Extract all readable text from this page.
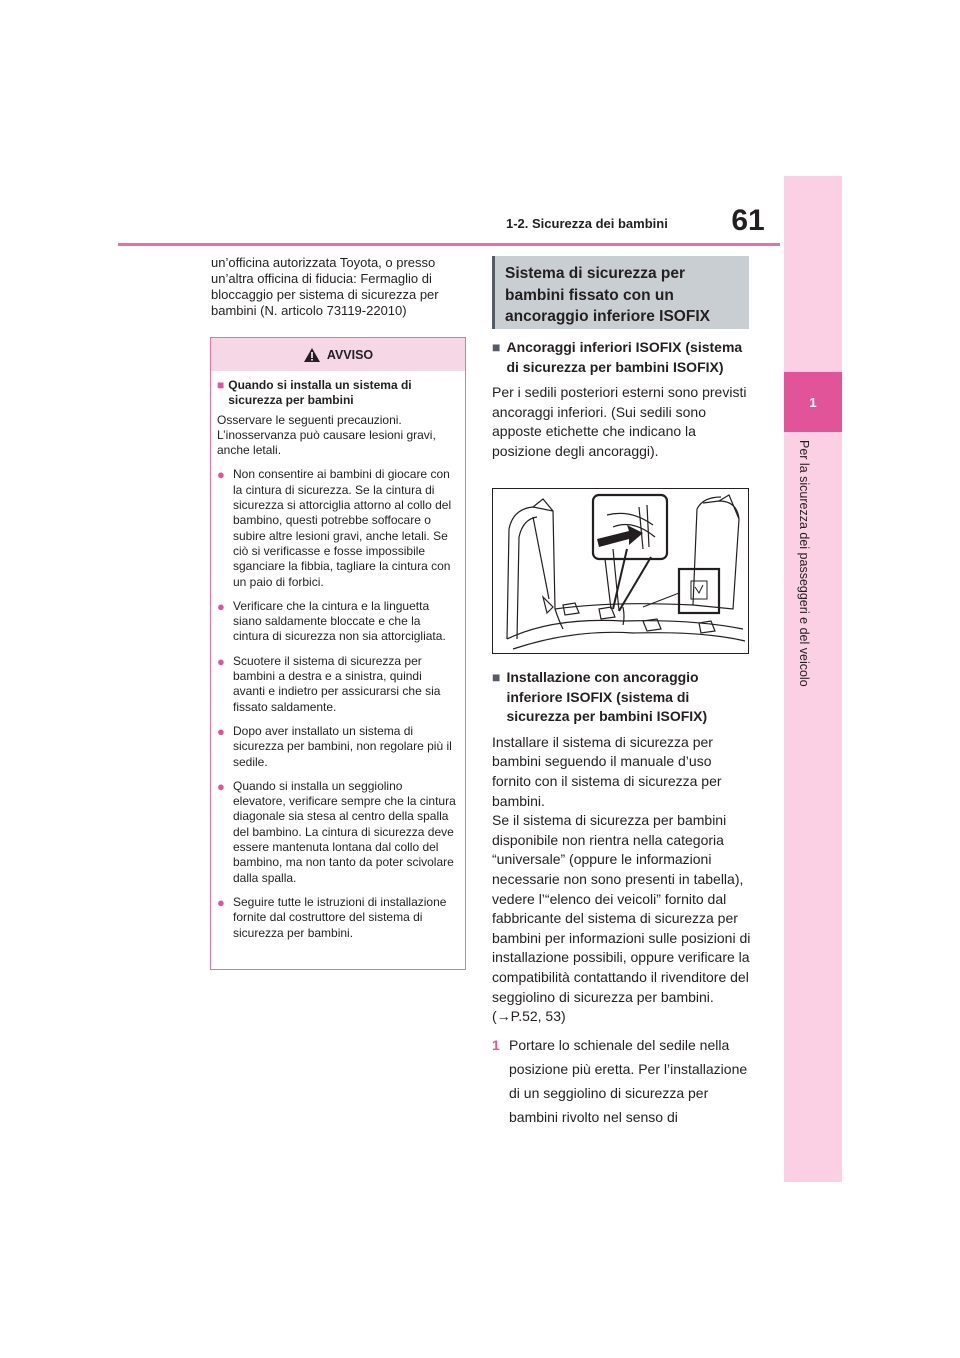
61
1-2. Sicurezza dei bambini
1
Per la sicurezza dei passeggeri e del veicolo
un’officina autorizzata Toyota, o presso un’altra officina di fiducia: Fermaglio di bloccaggio per sistema di sicurezza per bambini (N. articolo 73119-22010)
AVVISO
■ Quando si installa un sistema di sicurezza per bambini

Osservare le seguenti precauzioni. L’inosservanza può causare lesioni gravi, anche letali.

● Non consentire ai bambini di giocare con la cintura di sicurezza. Se la cintura di sicurezza si attorciglia attorno al collo del bambino, questi potrebbe soffocare o subire altre lesioni gravi, anche letali. Se ciò si verificasse e fosse impossibile sganciare la fibbia, tagliare la cintura con un paio di forbici.
● Verificare che la cintura e la linguetta siano saldamente bloccate e che la cintura di sicurezza non sia attorcigliata.
● Scuotere il sistema di sicurezza per bambini a destra e a sinistra, quindi avanti e indietro per assicurarsi che sia fissato saldamente.
● Dopo aver installato un sistema di sicurezza per bambini, non regolare più il sedile.
● Quando si installa un seggiolino elevatore, verificare sempre che la cintura diagonale sia stesa al centro della spalla del bambino. La cintura di sicurezza deve essere mantenuta lontana dal collo del bambino, ma non tanto da poter scivolare dalla spalla.
● Seguire tutte le istruzioni di installazione fornite dal costruttore del sistema di sicurezza per bambini.
Sistema di sicurezza per bambini fissato con un ancoraggio inferiore ISOFIX
■ Ancoraggi inferiori ISOFIX (sistema di sicurezza per bambini ISOFIX)
Per i sedili posteriori esterni sono previsti ancoraggi inferiori. (Sui sedili sono apposte etichette che indicano la posizione degli ancoraggi).
■ Installazione con ancoraggio inferiore ISOFIX (sistema di sicurezza per bambini ISOFIX)
Installare il sistema di sicurezza per bambini seguendo il manuale d’uso fornito con il sistema di sicurezza per bambini.
Se il sistema di sicurezza per bambini disponibile non rientra nella categoria “universale” (oppure le informazioni necessarie non sono presenti in tabella), vedere l’“elenco dei veicoli” fornito dal fabbricante del sistema di sicurezza per bambini per informazioni sulle posizioni di installazione possibili, oppure verificare la compatibilità contattando il rivenditore del seggiolino di sicurezza per bambini. (→P.52, 53)
1 Portare lo schienale del sedile nella posizione più eretta. Per l’installazione di un seggiolino di sicurezza per bambini rivolto nel senso di
